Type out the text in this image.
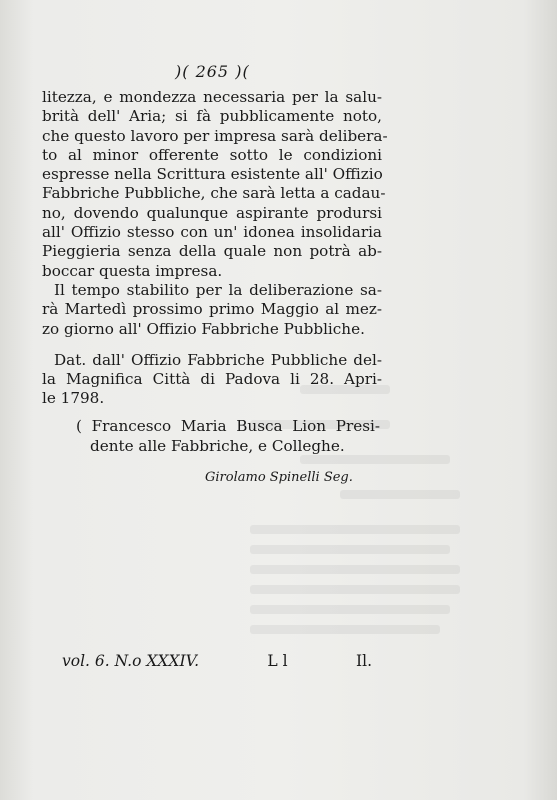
)( 265 )(
litezza, e mondezza necessaria per la salu-
brità dell' Aria; si fà pubblicamente noto,
che questo lavoro per impresa sarà delibera-
to al minor offerente sotto le condizioni
espresse nella Scrittura esistente all' Offizio
Fabbriche Pubbliche, che sarà letta a cadau-
no, dovendo qualunque aspirante prodursi
all' Offizio stesso con un' idonea insolidaria
Pieggieria senza della quale non potrà ab-
boccar questa impresa.
Il tempo stabilito per la deliberazione sa-
rà Martedì prossimo primo Maggio al mez-
zo giorno all' Offizio Fabbriche Pubbliche.
Dat. dall' Offizio Fabbriche Pubbliche del-
la Magnifica Città di Padova li 28. Apri-
le 1798.
( Francesco Maria Busca Lion Presi-
dente alle Fabbriche, e Colleghe.
Girolamo Spinelli Seg.
vol. 6. N.o XXXIV.	L l	Il.
